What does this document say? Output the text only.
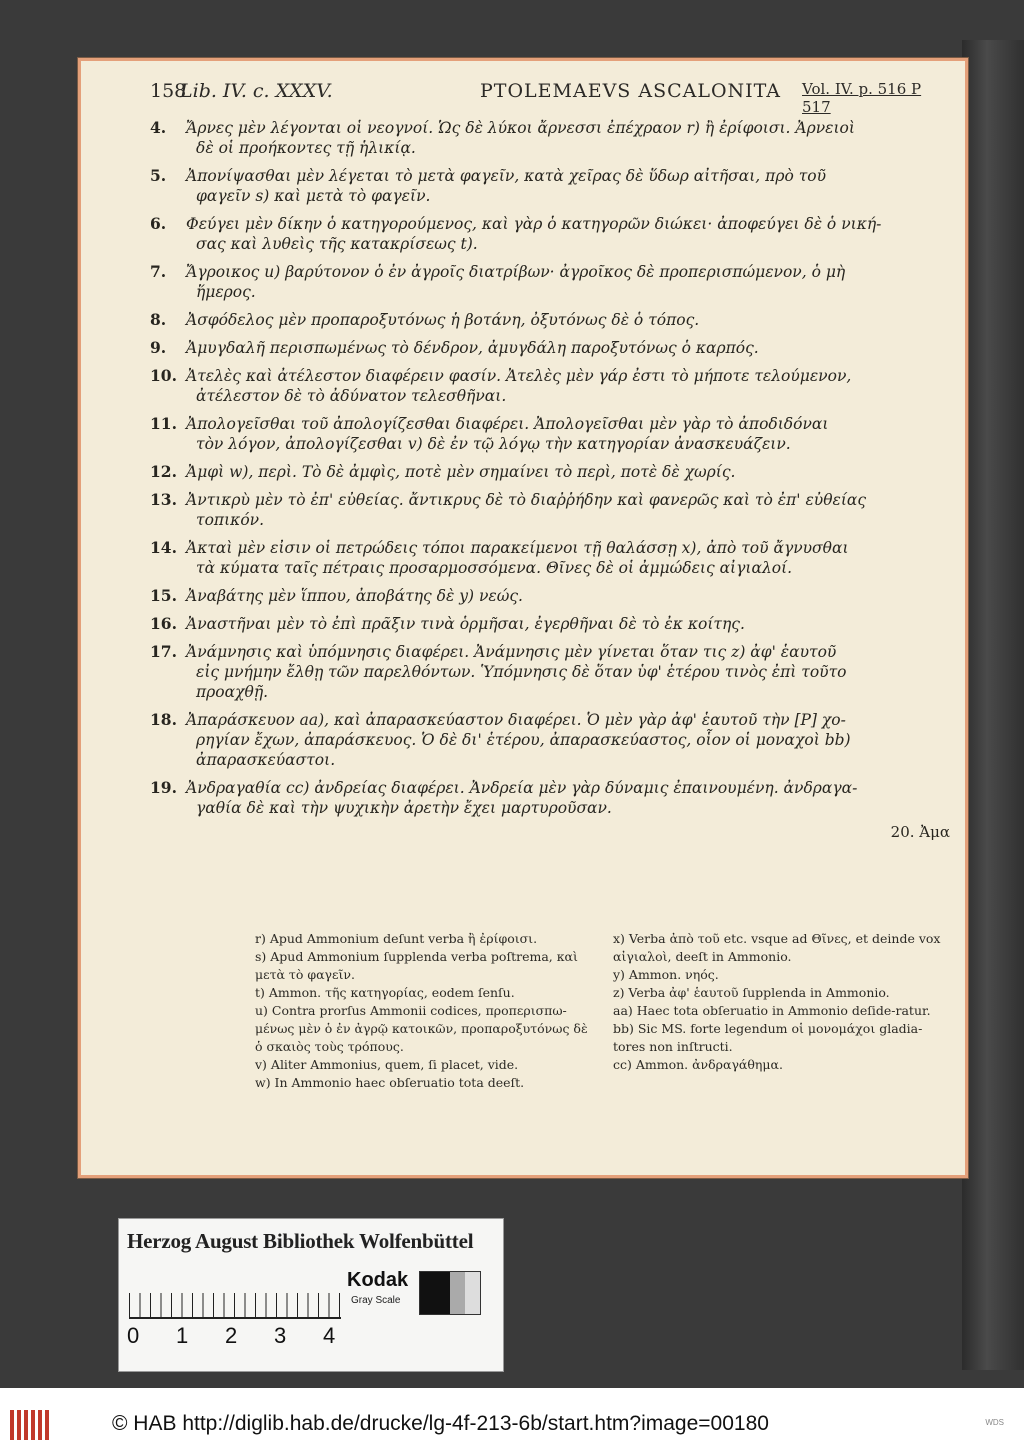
158
Lib. IV. c. XXXV.	PTOLEMAEVS ASCALONITA Vol. IV. p. 516 P 517
4. Ἄρνες μὲν λέγονται οἱ νεογνοί. Ὡς δὲ λύκοι ἄρνεσσι ἐπέχραον r) ἢ ἐρίφοισι. Ἀρνειοὶ
δὲ οἱ προήκοντες τῇ ἡλικίᾳ.
5. Ἀπονίψασθαι μὲν λέγεται τὸ μετὰ φαγεῖν, κατὰ χεῖρας δὲ ὕδωρ αἰτῆσαι, πρὸ τοῦ
φαγεῖν s) καὶ μετὰ τὸ φαγεῖν.
6. Φεύγει μὲν δίκην ὁ κατηγορούμενος, καὶ γὰρ ὁ κατηγορῶν διώκει· ἀποφεύγει δὲ ὁ νική-
σας καὶ λυθεὶς τῆς κατακρίσεως t).
7. Ἄγροικος u) βαρύτονον ὁ ἐν ἀγροῖς διατρίβων· ἀγροῖκος δὲ προπερισπώμενον, ὁ μὴ
ἥμερος.
8. Ἀσφόδελος μὲν προπαροξυτόνως ἡ βοτάνη, ὀξυτόνως δὲ ὁ τόπος.
9. Ἀμυγδαλῆ περισπωμένως τὸ δένδρον, ἀμυγδάλη παροξυτόνως ὁ καρπός.
10. Ἀτελὲς καὶ ἀτέλεστον διαφέρειν φασίν. Ἀτελὲς μὲν γάρ ἐστι τὸ μήποτε τελούμενον,
ἀτέλεστον δὲ τὸ ἀδύνατον τελεσθῆναι.
11. Ἀπολογεῖσθαι τοῦ ἀπολογίζεσθαι διαφέρει. Ἀπολογεῖσθαι μὲν γὰρ τὸ ἀποδιδόναι
τὸν λόγον, ἀπολογίζεσθαι v) δὲ ἐν τῷ λόγῳ τὴν κατηγορίαν ἀνασκευάζειν.
12. Ἀμφὶ w), περὶ. Τὸ δὲ ἀμφὶς, ποτὲ μὲν σημαίνει τὸ περὶ, ποτὲ δὲ χωρίς.
13. Ἀντικρὺ μὲν τὸ ἐπ' εὐθείας. ἄντικρυς δὲ τὸ διαῤῥήδην καὶ φανερῶς καὶ τὸ ἐπ' εὐθείας
τοπικόν.
14. Ἀκταὶ μὲν εἰσιν οἱ πετρώδεις τόποι παρακείμενοι τῇ θαλάσσῃ x), ἀπὸ τοῦ ἄγνυσθαι
τὰ κύματα ταῖς πέτραις προσαρμοσσόμενα. Θῖνες δὲ οἱ ἀμμώδεις αἰγιαλοί.
15. Ἀναβάτης μὲν ἵππου, ἀποβάτης δὲ y) νεώς.
16. Ἀναστῆναι μὲν τὸ ἐπὶ πρᾶξιν τινὰ ὁρμῆσαι, ἐγερθῆναι δὲ τὸ ἐκ κοίτης.
17. Ἀνάμνησις καὶ ὑπόμνησις διαφέρει. Ἀνάμνησις μὲν γίνεται ὅταν τις z) ἀφ' ἑαυτοῦ
εἰς μνήμην ἔλθῃ τῶν παρελθόντων. Ὑπόμνησις δὲ ὅταν ὑφ' ἑτέρου τινὸς ἐπὶ τοῦτο
προαχθῇ.
18. Ἀπαράσκευον aa), καὶ ἀπαρασκεύαστον διαφέρει. Ὁ μὲν γὰρ ἀφ' ἑαυτοῦ τὴν [P] χο-
ρηγίαν ἔχων, ἀπαράσκευος. Ὁ δὲ δι' ἑτέρου, ἀπαρασκεύαστος, οἷον οἱ μοναχοὶ bb)
ἀπαρασκεύαστοι.
19. Ἀνδραγαθία cc) ἀνδρείας διαφέρει. Ἀνδρεία μὲν γὰρ δύναμις ἐπαινουμένη. ἀνδραγα-
γαθία δὲ καὶ τὴν ψυχικὴν ἀρετὴν ἔχει μαρτυροῦσαν.
20. Ἀμα

r) Apud Ammonium deſunt verba ἢ ἐρίφοισι.

s) Apud Ammonium ſupplenda verba poſtrema, καὶ μετὰ τὸ φαγεῖν.

t) Ammon. τῆς κατηγορίας, eodem ſenſu.

u) Contra prorſus Ammonii codices, προπερισπω-μένως μὲν ὁ ἐν ἀγρῷ κατοικῶν, προπαροξυτόνως δὲ ὁ σκαιὸς τοὺς τρόπους.

v) Aliter Ammonius, quem, ſi placet, vide.

w) In Ammonio haec obſeruatio tota deeſt.

x) Verba ἀπὸ τοῦ etc. vsque ad Θῖνες, et deinde vox αἰγιαλοὶ, deeſt in Ammonio.

y) Ammon. νηός.

z) Verba ἀφ' ἑαυτοῦ ſupplenda in Ammonio.

aa) Haec tota obſeruatio in Ammonio deſide-ratur.

bb) Sic MS. forte legendum οἱ μονομάχοι gladia-tores non inſtructi.

cc) Ammon. ἀνδραγάθημα.

Herzog August Bibliothek Wolfenbüttel
Kodak
Gray Scale
0 1 2 3 4
© HAB http://diglib.hab.de/drucke/lg-4f-213-6b/start.htm?image=00180	WDS
